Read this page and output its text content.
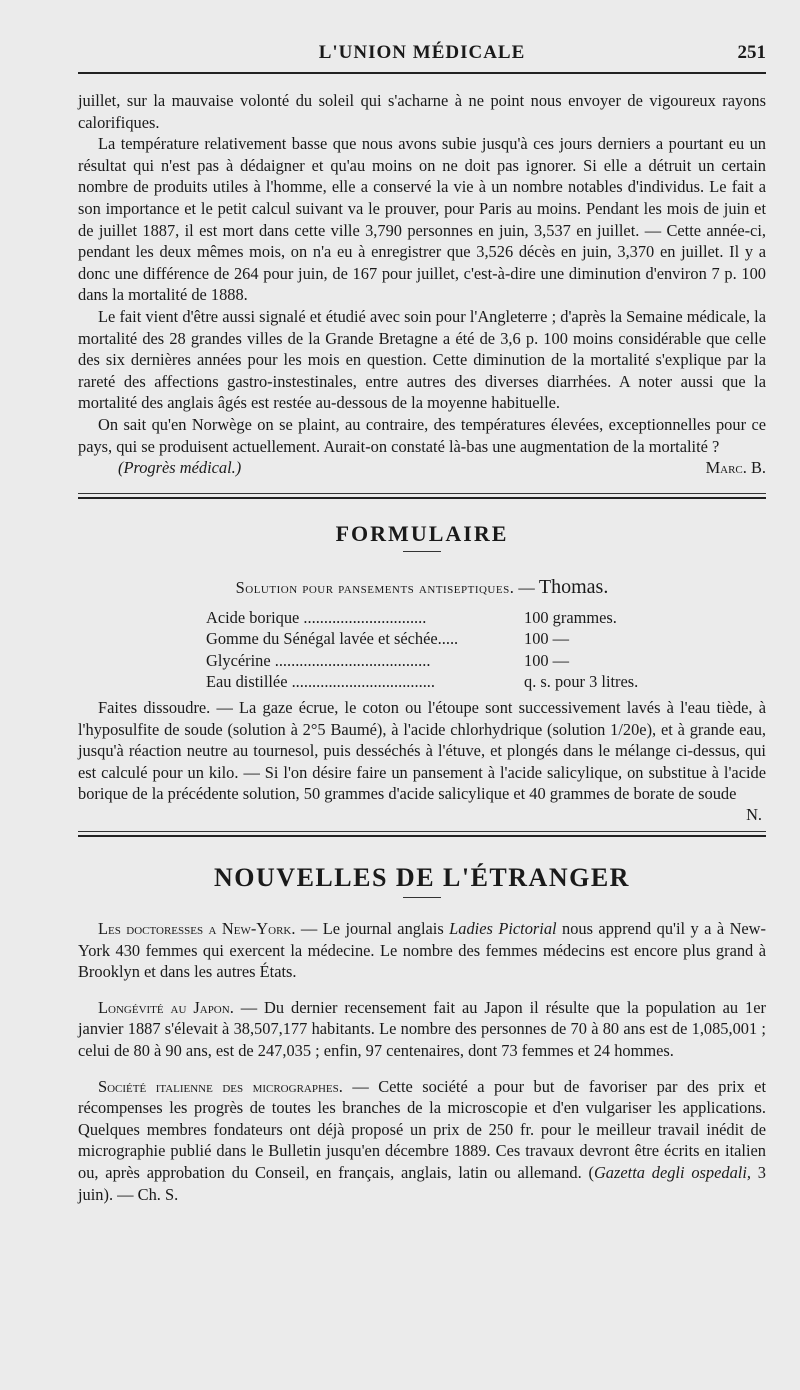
L'UNION MÉDICALE	251

juillet, sur la mauvaise volonté du soleil qui s'acharne à ne point nous envoyer de vigoureux rayons calorifiques.

La température relativement basse que nous avons subie jusqu'à ces jours derniers a pourtant eu un résultat qui n'est pas à dédaigner et qu'au moins on ne doit pas ignorer. Si elle a détruit un certain nombre de produits utiles à l'homme, elle a conservé la vie à un nombre notables d'individus. Le fait a son importance et le petit calcul suivant va le prouver, pour Paris au moins. Pendant les mois de juin et de juillet 1887, il est mort dans cette ville 3,790 personnes en juin, 3,537 en juillet. — Cette année-ci, pendant les deux mêmes mois, on n'a eu à enregistrer que 3,526 décès en juin, 3,370 en juillet. Il y a donc une différence de 264 pour juin, de 167 pour juillet, c'est-à-dire une diminution d'environ 7 p. 100 dans la mortalité de 1888.

Le fait vient d'être aussi signalé et étudié avec soin pour l'Angleterre ; d'après la Semaine médicale, la mortalité des 28 grandes villes de la Grande Bretagne a été de 3,6 p. 100 moins considérable que celle des six dernières années pour les mois en question. Cette diminution de la mortalité s'explique par la rareté des affections gastro-instestinales, entre autres des diverses diarrhées. A noter aussi que la mortalité des anglais âgés est restée au-dessous de la moyenne habituelle.

On sait qu'en Norwège on se plaint, au contraire, des températures élevées, exceptionnelles pour ce pays, qui se produisent actuellement. Aurait-on constaté là-bas une augmentation de la mortalité ?

(Progrès médical.)	Marc. B.
FORMULAIRE
Solution pour pansements antiseptiques. — Thomas.
Acide borique ..............................	100 grammes.
Gomme du Sénégal lavée et séchée.....	100 —
Glycérine ......................................	100 —
Eau distillée ...................................	q. s. pour 3 litres.

Faites dissoudre. — La gaze écrue, le coton ou l'étoupe sont successivement lavés à l'eau tiède, à l'hyposulfite de soude (solution à 2°5 Baumé), à l'acide chlorhydrique (solution 1/20e), et à grande eau, jusqu'à réaction neutre au tournesol, puis desséchés à l'étuve, et plongés dans le mélange ci-dessus, qui est calculé pour un kilo. — Si l'on désire faire un pansement à l'acide salicylique, on substitue à l'acide borique de la précédente solution, 50 grammes d'acide salicylique et 40 grammes de borate de soude

N.
NOUVELLES DE L'ÉTRANGER

Les doctoresses a New-York. — Le journal anglais Ladies Pictorial nous apprend qu'il y a à New-York 430 femmes qui exercent la médecine. Le nombre des femmes médecins est encore plus grand à Brooklyn et dans les autres États.

Longévité au Japon. — Du dernier recensement fait au Japon il résulte que la population au 1er janvier 1887 s'élevait à 38,507,177 habitants. Le nombre des personnes de 70 à 80 ans est de 1,085,001 ; celui de 80 à 90 ans, est de 247,035 ; enfin, 97 centenaires, dont 73 femmes et 24 hommes.

Société italienne des micrographes. — Cette société a pour but de favoriser par des prix et récompenses les progrès de toutes les branches de la microscopie et d'en vulgariser les applications. Quelques membres fondateurs ont déjà proposé un prix de 250 fr. pour le meilleur travail inédit de micrographie publié dans le Bulletin jusqu'en décembre 1889. Ces travaux devront être écrits en italien ou, après approbation du Conseil, en français, anglais, latin ou allemand. (Gazetta degli ospedali, 3 juin). — Ch. S.
